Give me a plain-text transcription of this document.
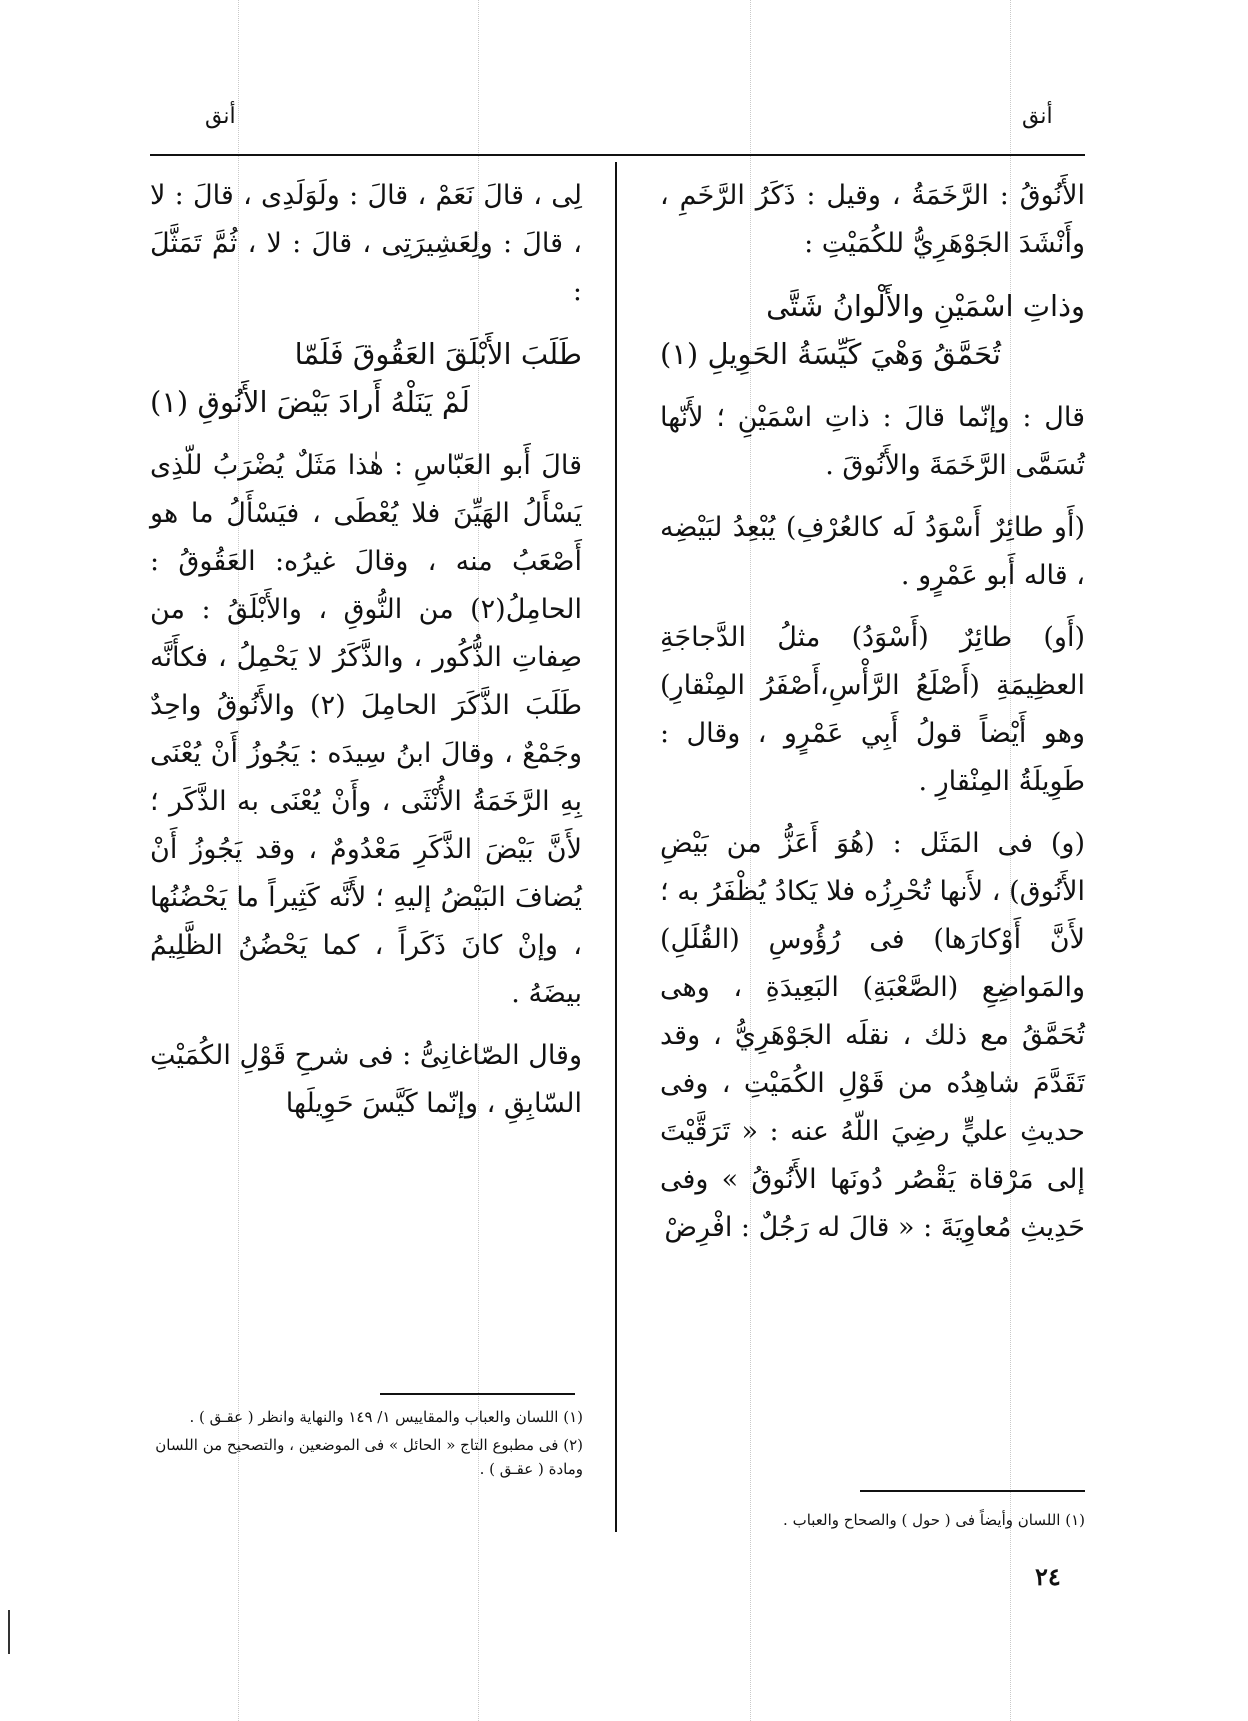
أنق
أنق

الأَنُوقُ : الرَّخَمَةُ ، وقيل : ذَكَرُ الرَّخَمِ ، وأَنْشَدَ الجَوْهَرِيُّ للكُمَيْتِ :

وذاتِ اسْمَيْنِ والأَلْوانُ شَتَّى
تُحَمَّقُ وَهْيَ كَيِّسَةُ الحَوِيلِ (١)

قال : وإنّما قالَ : ذاتِ اسْمَيْنِ ؛ لأَنّها تُسَمَّى الرَّخَمَةَ والأَنُوقَ .

(أَو طائِرٌ أَسْوَدُ لَه كالعُرْفِ) يُبْعِدُ لبَيْضِه ، قاله أَبو عَمْرٍو .

(أَو) طائِرٌ (أَسْوَدُ) مثلُ الدَّجاجَةِ العظِيمَةِ (أَصْلَعُ الرَّأْسِ،أَصْفَرُ المِنْقارِ) وهو أَيْضاً قولُ أَبِي عَمْرٍو ، وقال : طَوِيلَةُ المِنْقارِ .

(و) فى المَثَل : (هُوَ أَعَزُّ من بَيْضِ الأَنُوق) ، لأَنها تُحْرِزُه فلا يَكادُ يُظْفَرُ به ؛ لأَنَّ أَوْكارَها) فى رُؤُوسِ (القُلَلِ) والمَواضِعِ (الصَّعْبَةِ) البَعِيدَةِ ، وهى تُحَمَّقُ مع ذلك ، نقلَه الجَوْهَرِيُّ ، وقد تَقَدَّمَ شاهِدُه من قَوْلِ الكُمَيْتِ ، وفى حديثِ عليٍّ رضِيَ اللّهُ عنه : « تَرَقَّيْتَ إلى مَرْقاة يَقْصُر دُونَها الأَنُوقُ » وفى حَدِيثِ مُعاوِيَةَ : « قالَ له رَجُلٌ : افْرِضْ

لِى ، قالَ نَعَمْ ، قالَ : ولَوَلَدِى ، قالَ : لا ، قالَ : ولِعَشِيرَتِى ، قالَ : لا ، ثُمَّ تَمَثَّلَ :

طَلَبَ الأَبْلَقَ العَقُوقَ فَلَمّا
لَمْ يَنَلْهُ أَرادَ بَيْضَ الأَنُوقِ (١)

قالَ أَبو العَبّاسِ : هٰذا مَثَلٌ يُضْرَبُ للّذِى يَسْأَلُ الهَيِّنَ فلا يُعْطَى ، فيَسْأَلُ ما هو أَصْعَبُ منه ، وقالَ غيرُه: العَقُوقُ : الحامِلُ(٢) من النُّوقِ ، والأَبْلَقُ : من صِفاتِ الذُّكُور ، والذَّكَرُ لا يَحْمِلُ ، فكأَنَّه طَلَبَ الذَّكَرَ الحامِلَ (٢) والأَنُوقُ واحِدٌ وجَمْعٌ ، وقالَ ابنُ سِيدَه : يَجُوزُ أَنْ يُعْنَى بِهِ الرَّخَمَةُ الأُنْثَى ، وأَنْ يُعْنَى به الذَّكَر ؛ لأَنَّ بَيْضَ الذَّكَرِ مَعْدُومٌ ، وقد يَجُوزُ أَنْ يُضافَ البَيْضُ إليهِ ؛ لأَنَّه كَثِيراً ما يَحْضُنُها ، وإنْ كانَ ذَكَراً ، كما يَحْضُنُ الظَّلِيمُ بيضَهُ .

وقال الصّاغانِىُّ : فى شرحِ قَوْلِ الكُمَيْتِ السّابِقِ ، وإنّما كَيَّسَ حَوِيلَها

(١) اللسان والعباب والمقاييس ١/ ١٤٩ والنهاية وانظر ( عقـق ) .
(٢) فى مطبوع التاج « الحائل » فى الموضعين ، والتصحيح من اللسان ومادة ( عقـق ) .
(١) اللسان وأيضاً فى ( حول ) والصحاح والعباب .
٢٤
